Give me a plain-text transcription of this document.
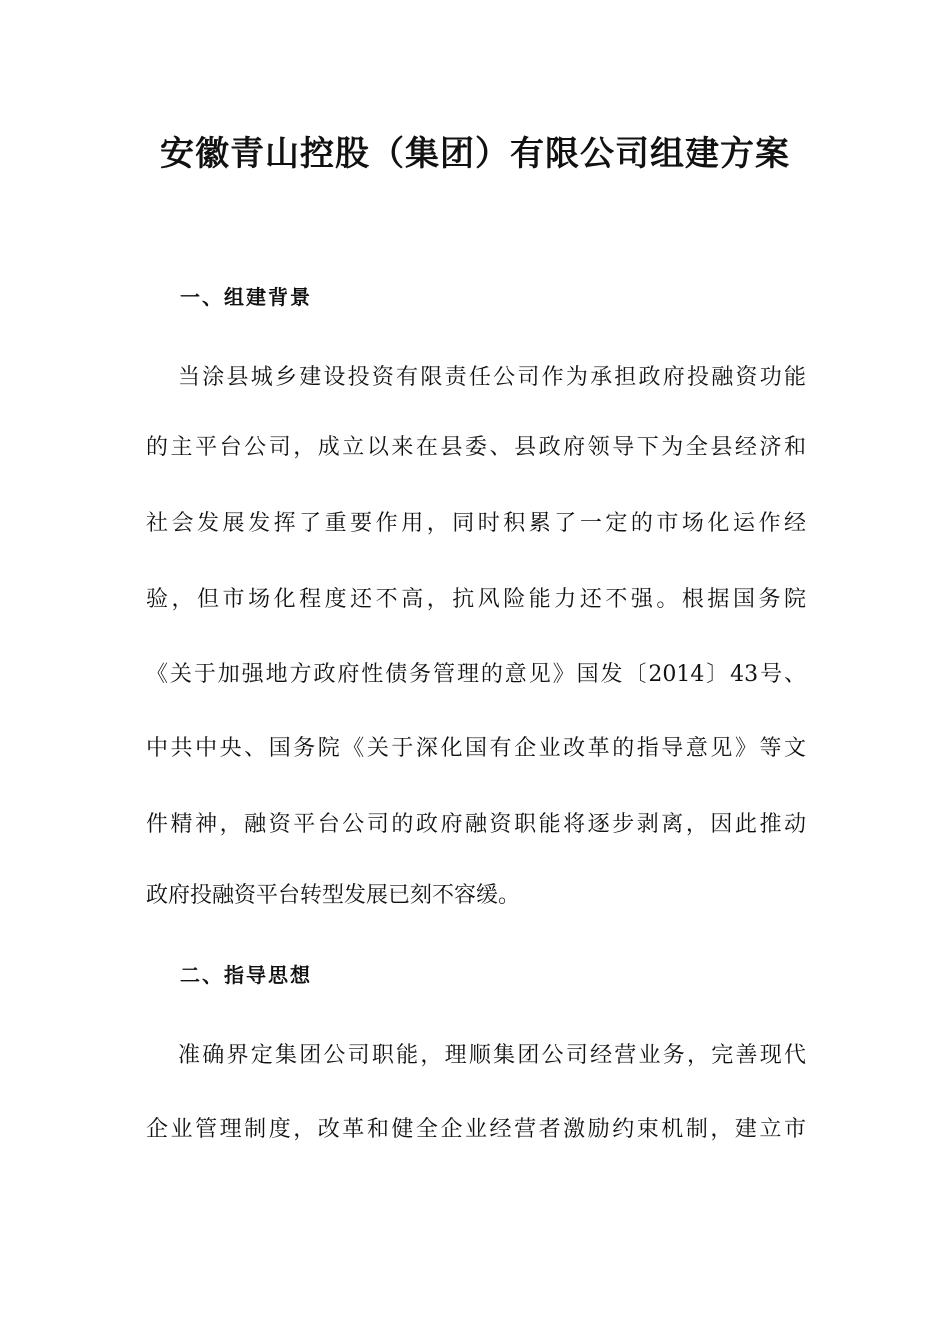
安徽青山控股（集团）有限公司组建方案
一、组建背景

当涂县城乡建设投资有限责任公司作为承担政府投融资功能

的主平台公司，成立以来在县委、县政府领导下为全县经济和

社会发展发挥了重要作用，同时积累了一定的市场化运作经

验，但市场化程度还不高，抗风险能力还不强。根据国务院

《关于加强地方政府性债务管理的意见》国发〔2014〕43号、

中共中央、国务院《关于深化国有企业改革的指导意见》等文

件精神，融资平台公司的政府融资职能将逐步剥离，因此推动

政府投融资平台转型发展已刻不容缓。

二、指导思想

准确界定集团公司职能，理顺集团公司经营业务，完善现代

企业管理制度，改革和健全企业经营者激励约束机制，建立市
